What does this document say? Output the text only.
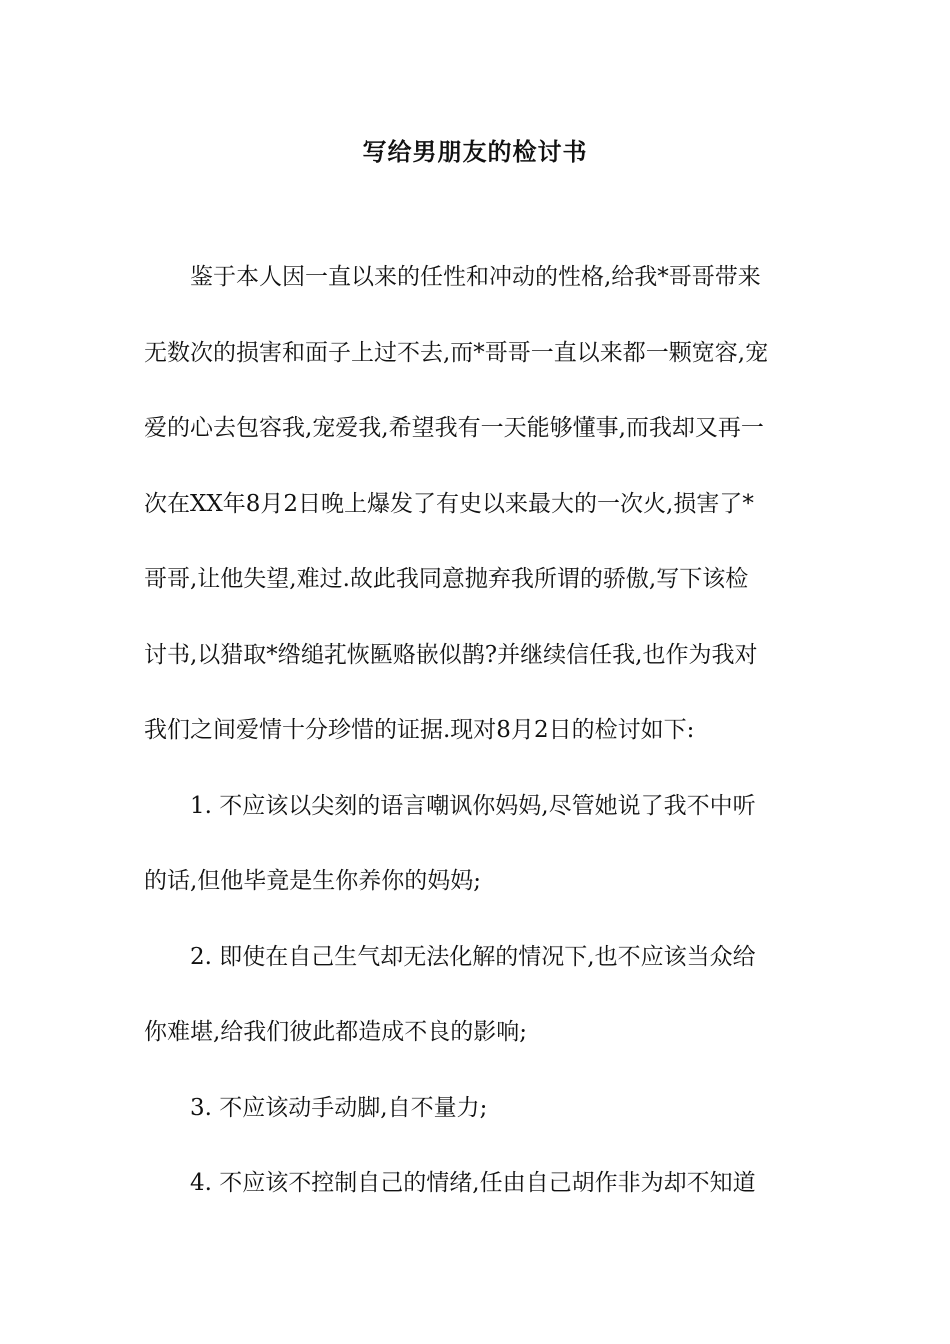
写给男朋友的检讨书

　　鉴于本人因一直以来的任性和冲动的性格,给我*哥哥带来

无数次的损害和面子上过不去,而*哥哥一直以来都一颗宽容,宠

爱的心去包容我,宠爱我,希望我有一天能够懂事,而我却又再一

次在XX年8月2日晚上爆发了有史以来最大的一次火,损害了*

哥哥,让他失望,难过.故此我同意抛弃我所谓的骄傲,写下该检

讨书,以猎取*绺缒芤恢匦赂嵌似鹊?并继续信任我,也作为我对

我们之间爱情十分珍惜的证据.现对8月2日的检讨如下:

　　1. 不应该以尖刻的语言嘲讽你妈妈,尽管她说了我不中听

的话,但他毕竟是生你养你的妈妈;

　　2. 即使在自己生气却无法化解的情况下,也不应该当众给

你难堪,给我们彼此都造成不良的影响;

　　3. 不应该动手动脚,自不量力;

　　4. 不应该不控制自己的情绪,任由自己胡作非为却不知道
